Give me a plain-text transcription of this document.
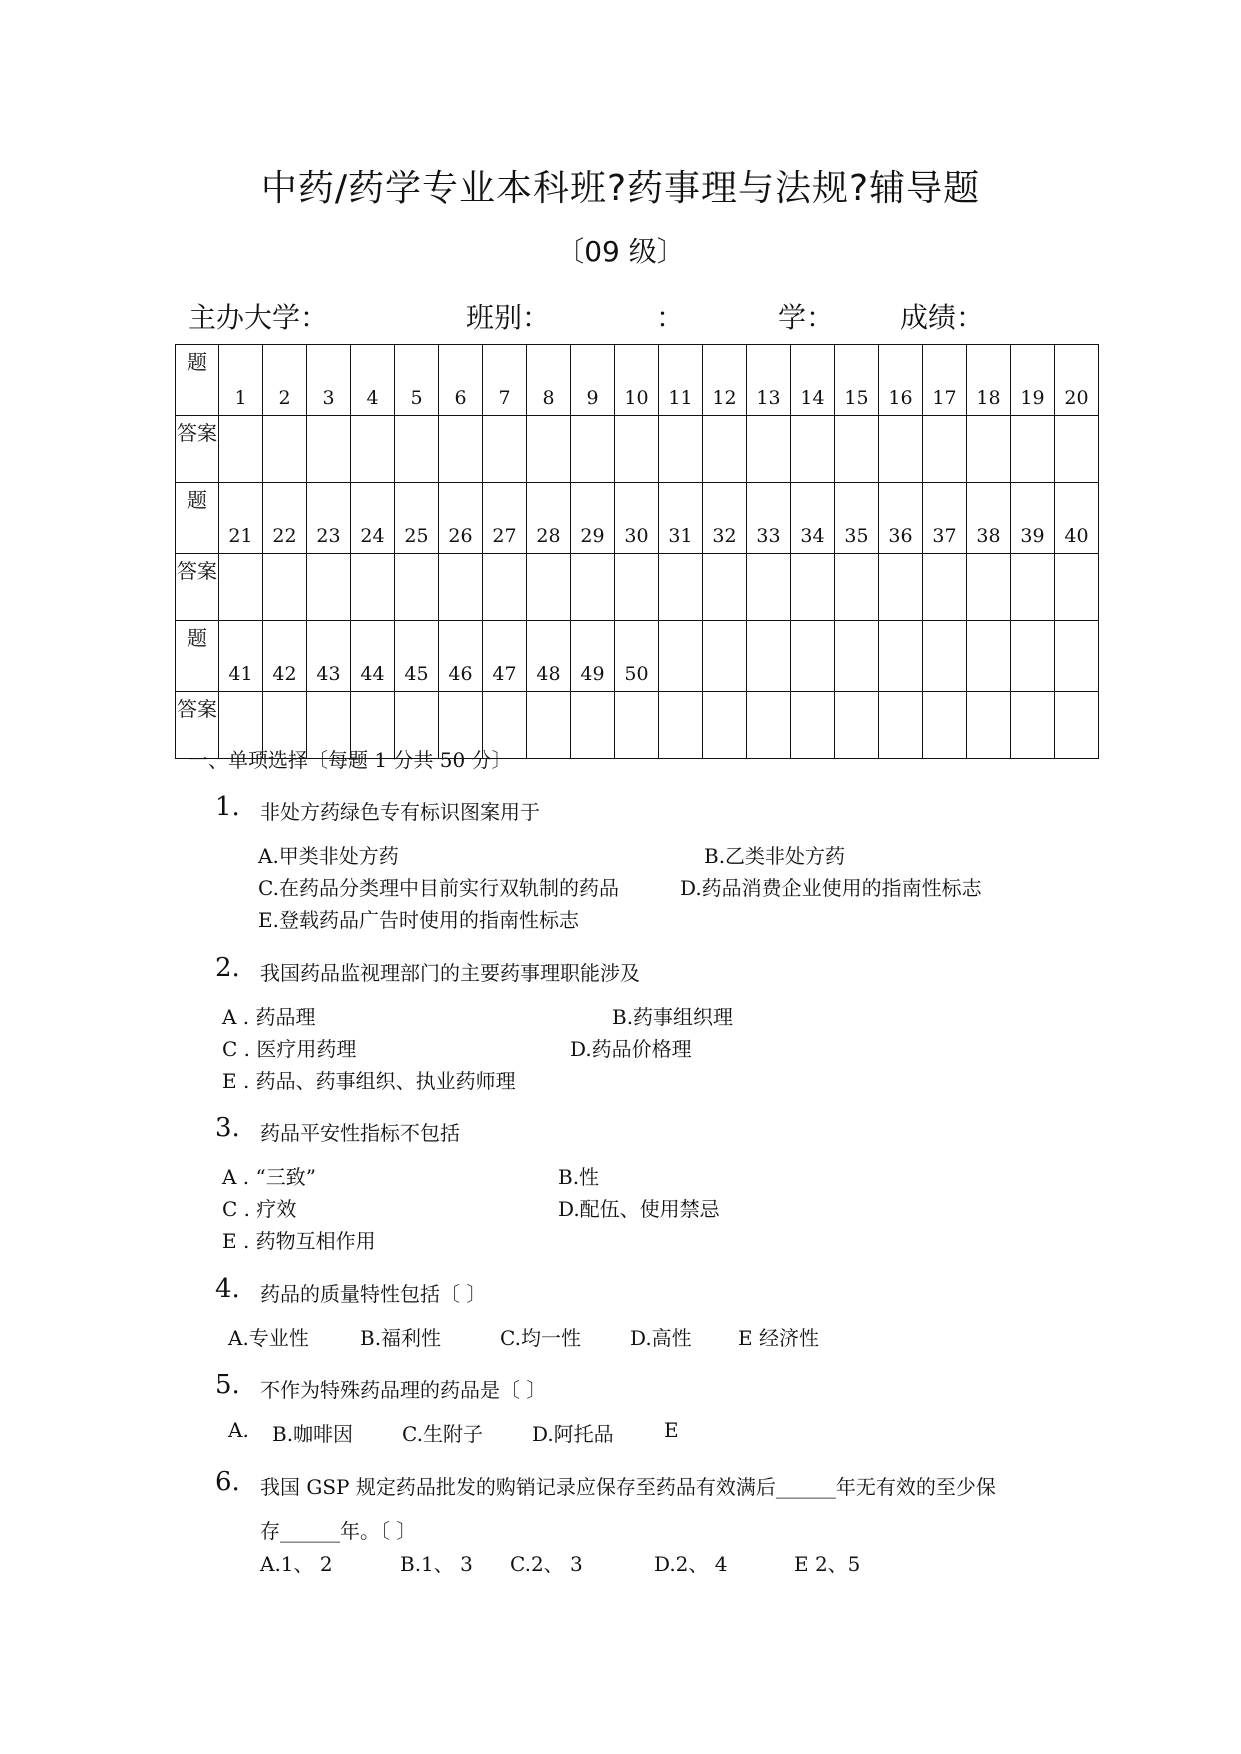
中药/药学专业本科班?药事理与法规?辅导题
〔09 级〕
主办大学：	班别：	：	学： 成绩：
题	1	2	3	4	5	6	7	8	9	10	11	12	13	14	15	16	17	18	19	20
答案																				
题	21	22	23	24	25	26	27	28	29	30	31	32	33	34	35	36	37	38	39	40
答案																				
题	41	42	43	44	45	46	47	48	49	50										
答案																				
一、单项选择〔每题 1 分共 50 分〕
1. 非处方药绿色专有标识图案用于
A.甲类非处方药	B.乙类非处方药
C.在药品分类理中目前实行双轨制的药品	D.药品消费企业使用的指南性标志
E.登载药品广告时使用的指南性标志
2. 我国药品监视理部门的主要药事理职能涉及
A . 药品理	B.药事组织理
C . 医疗用药理	D.药品价格理
E . 药品、药事组织、执业药师理
3. 药品平安性指标不包括
A . “三致”	B.性
C . 疗效	D.配伍、使用禁忌
E . 药物互相作用
4. 药品的质量特性包括〔 〕
A.专业性	B.福利性	C.均一性 D.高性 E 经济性
5. 不作为特殊药品理的药品是〔 〕
A. B.咖啡因 C.生附子 D.阿托品	E
6. 我国 GSP 规定药品批发的购销记录应保存至药品有效满后______年无有效的至少保
存______年。〔 〕
A.1、 2	B.1、 3 C.2、 3	D.2、 4	E 2、5
